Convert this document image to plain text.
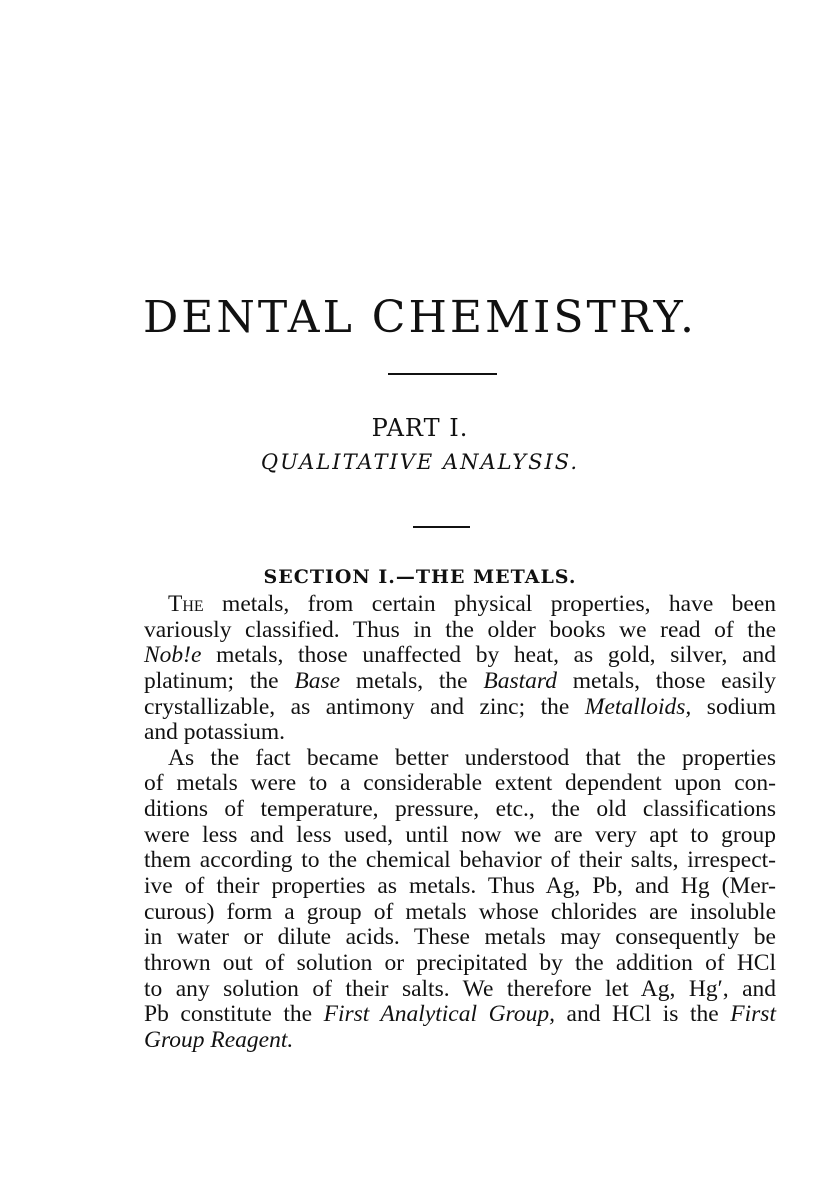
DENTAL CHEMISTRY.
PART I.
QUALITATIVE ANALYSIS.
SECTION I.—THE METALS.
The metals, from certain physical properties, have been
variously classified. Thus in the older books we read of the
Nob!e metals, those unaffected by heat, as gold, silver, and
platinum; the Base metals, the Bastard metals, those easily
crystallizable, as antimony and zinc; the Metalloids, sodium
and potassium.
As the fact became better understood that the properties
of metals were to a considerable extent dependent upon con-
ditions of temperature, pressure, etc., the old classifications
were less and less used, until now we are very apt to group
them according to the chemical behavior of their salts, irrespect-
ive of their properties as metals. Thus Ag, Pb, and Hg (Mer-
curous) form a group of metals whose chlorides are insoluble
in water or dilute acids. These metals may consequently be
thrown out of solution or precipitated by the addition of HCl
to any solution of their salts. We therefore let Ag, Hg′, and
Pb constitute the First Analytical Group, and HCl is the First
Group Reagent.
